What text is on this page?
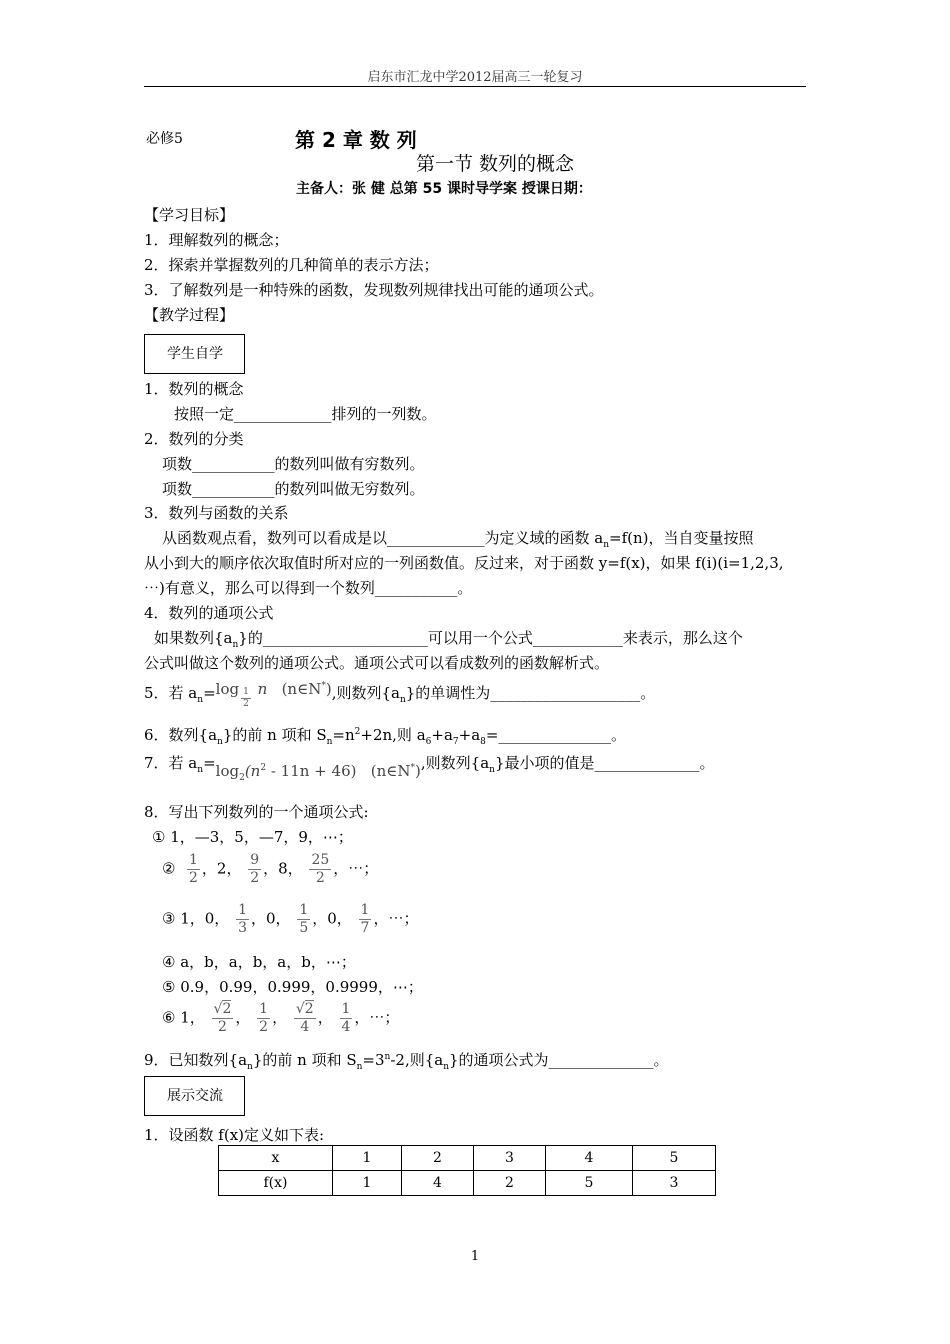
启东市汇龙中学2012届高三一轮复习
必修5	第 2 章 数 列
第一节 数列的概念
主备人：张 健 总第 55 课时导学案 授课日期：
【学习目标】
1．理解数列的概念；
2．探索并掌握数列的几种简单的表示方法；
3．了解数列是一种特殊的函数，发现数列规律找出可能的通项公式。
【教学过程】
学生自学
1．数列的概念
按照一定_____________排列的一列数。
2．数列的分类
项数___________的数列叫做有穷数列。
项数___________的数列叫做无穷数列。
3．数列与函数的关系
从函数观点看，数列可以看成是以_____________为定义域的函数 $a_n=f(n)$，当自变量按照
从小到大的顺序依次取值时所对应的一列函数值。反过来，对于函数 y=f(x)，如果 f(i)(i=1,2,3,
⋯)有意义，那么可以得到一个数列___________。
4．数列的通项公式
如果数列$\{a_n\}$的______________________可以用一个公式____________来表示，那么这个
公式叫做这个数列的通项公式。通项公式可以看成数列的函数解析式。
5．若 $a_n=\log \frac{1}{2}$ n (n∈N*),则数列$\{a_n\}$的单调性为____________________。
6．数列$\{a_n\}$的前 n 项和 $S_n=n^2+2n$,则 $a_6+a_7+a_8=\_\_\_\_\_\_\_\_\_\_\_\_\_\_\_$。
7．若 $a_n=\log_2(n^2 - 11n + 46)$ (n∈N*),则数列$\{a_n\}$最小项的值是______________。
8．写出下列数列的一个通项公式:
① 1，—3，5，—7，9，⋯；
② $\frac{1}{2}$ ，2， $\frac{9}{2}$ ，8， $\frac{25}{2}$ ，⋯；
③ 1，0， $\frac{1}{3}$ ，0， $\frac{1}{5}$ ，0， $\frac{1}{7}$ ，⋯；
④ a，b，a，b，a，b，⋯；
⑤ 0.9，0.99，0.999，0.9999，⋯；
⑥ 1， $\frac{√2}{2}$ ， $\frac{1}{2}$ ， $\frac{√2}{4}$ ， $\frac{1}{4}$ ，⋯；
9．已知数列$\{a_n\}$的前 n 项和 $S_n=3^n-2$,则$\{a_n\}$的通项公式为______________。
展示交流
1．设函数 f(x)定义如下表:
x	1	2	3	4	5
f(x)	1	4	2	5	3
1
